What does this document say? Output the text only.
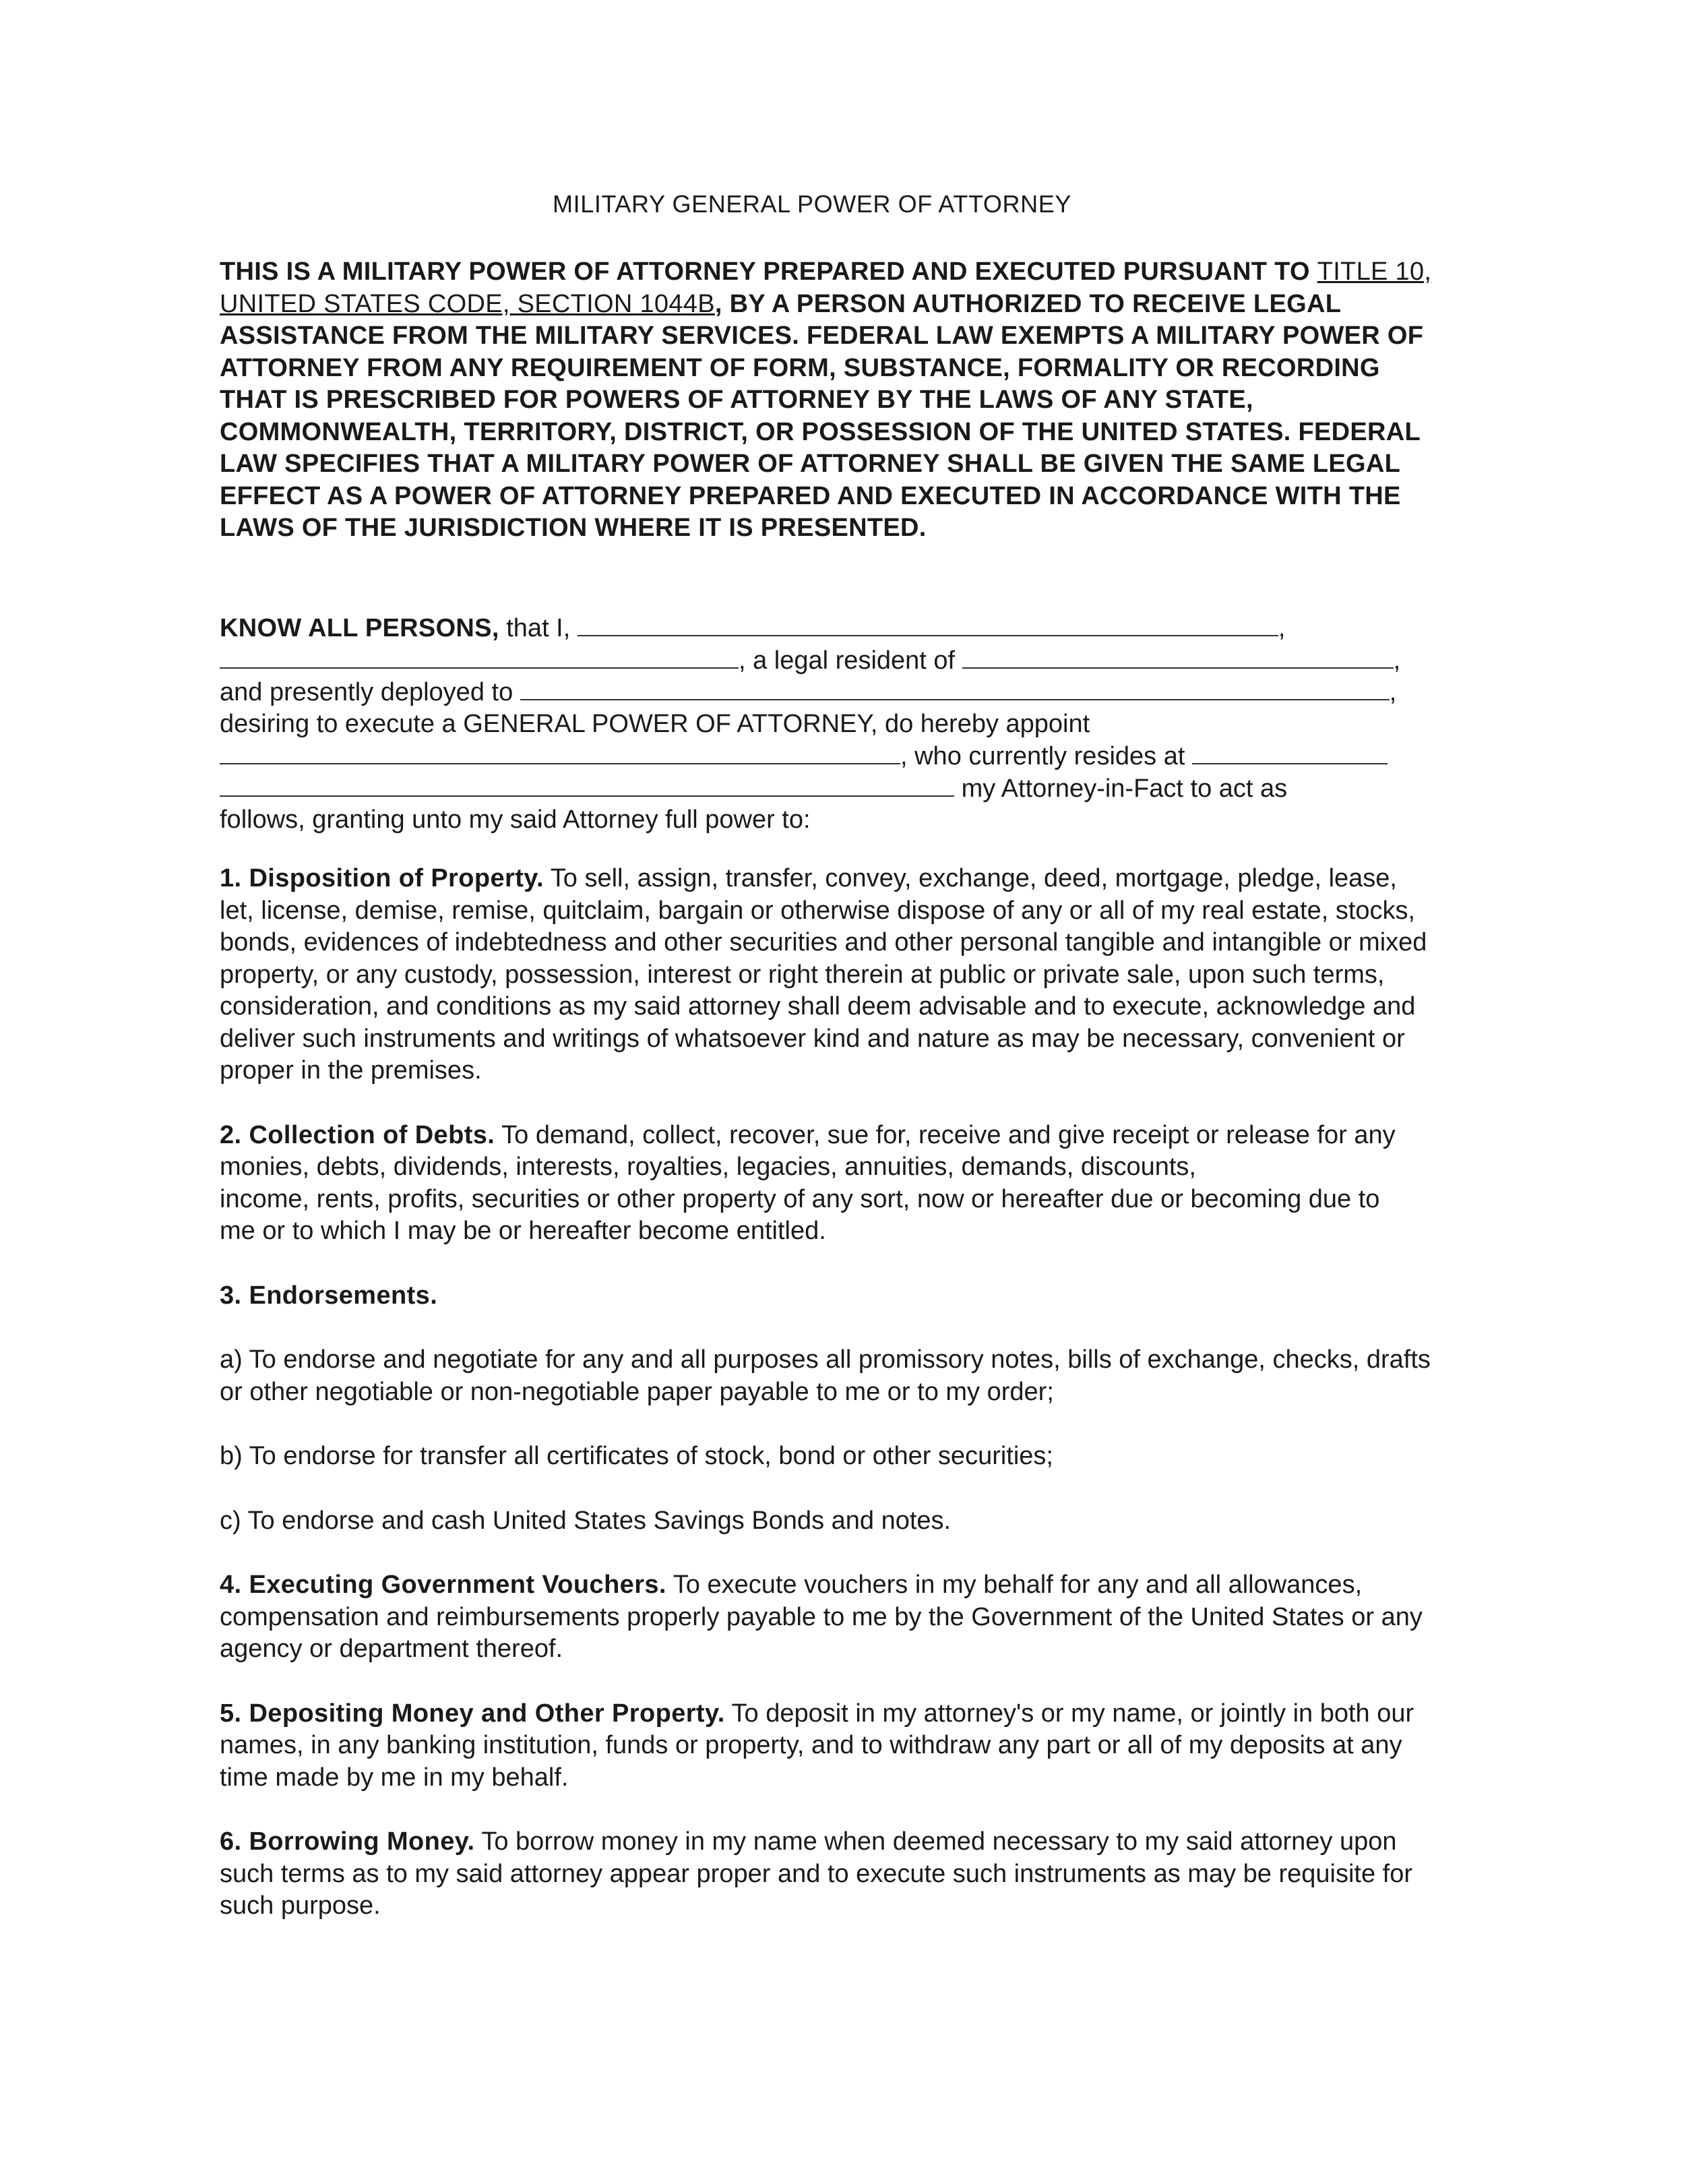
MILITARY GENERAL POWER OF ATTORNEY
THIS IS A MILITARY POWER OF ATTORNEY PREPARED AND EXECUTED PURSUANT TO TITLE 10, UNITED STATES CODE, SECTION 1044B, BY A PERSON AUTHORIZED TO RECEIVE LEGAL ASSISTANCE FROM THE MILITARY SERVICES. FEDERAL LAW EXEMPTS A MILITARY POWER OF ATTORNEY FROM ANY REQUIREMENT OF FORM, SUBSTANCE, FORMALITY OR RECORDING THAT IS PRESCRIBED FOR POWERS OF ATTORNEY BY THE LAWS OF ANY STATE, COMMONWEALTH, TERRITORY, DISTRICT, OR POSSESSION OF THE UNITED STATES. FEDERAL LAW SPECIFIES THAT A MILITARY POWER OF ATTORNEY SHALL BE GIVEN THE SAME LEGAL EFFECT AS A POWER OF ATTORNEY PREPARED AND EXECUTED IN ACCORDANCE WITH THE LAWS OF THE JURISDICTION WHERE IT IS PRESENTED.
KNOW ALL PERSONS, that I,	,
, a legal resident of	,
and presently deployed to	,
desiring to execute a GENERAL POWER OF ATTORNEY, do hereby appoint
, who currently resides at
my Attorney-in-Fact to act as
follows, granting unto my said Attorney full power to:
1. Disposition of Property. To sell, assign, transfer, convey, exchange, deed, mortgage, pledge, lease, let, license, demise, remise, quitclaim, bargain or otherwise dispose of any or all of my real estate, stocks, bonds, evidences of indebtedness and other securities and other personal tangible and intangible or mixed property, or any custody, possession, interest or right therein at public or private sale, upon such terms, consideration, and conditions as my said attorney shall deem advisable and to execute, acknowledge and deliver such instruments and writings of whatsoever kind and nature as may be necessary, convenient or proper in the premises.
2. Collection of Debts. To demand, collect, recover, sue for, receive and give receipt or release for any monies, debts, dividends, interests, royalties, legacies, annuities, demands, discounts,
income, rents, profits, securities or other property of any sort, now or hereafter due or becoming due to
me or to which I may be or hereafter become entitled.
3. Endorsements.
a) To endorse and negotiate for any and all purposes all promissory notes, bills of exchange, checks, drafts or other negotiable or non-negotiable paper payable to me or to my order;
b) To endorse for transfer all certificates of stock, bond or other securities;
c) To endorse and cash United States Savings Bonds and notes.
4. Executing Government Vouchers. To execute vouchers in my behalf for any and all allowances, compensation and reimbursements properly payable to me by the Government of the United States or any agency or department thereof.
5. Depositing Money and Other Property. To deposit in my attorney's or my name, or jointly in both our names, in any banking institution, funds or property, and to withdraw any part or all of my deposits at any time made by me in my behalf.
6. Borrowing Money. To borrow money in my name when deemed necessary to my said attorney upon such terms as to my said attorney appear proper and to execute such instruments as may be requisite for such purpose.
